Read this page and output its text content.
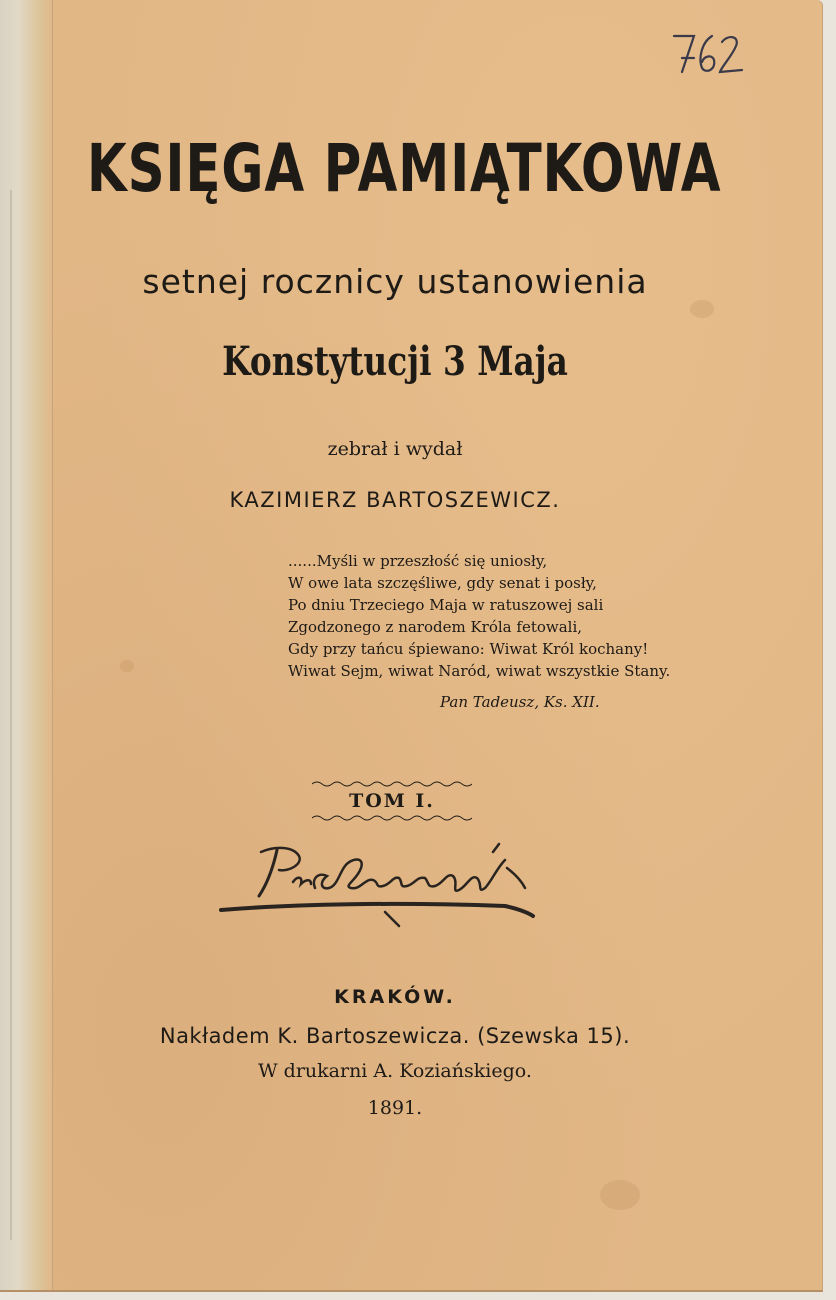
KSIĘGA PAMIĄTKOWA
setnej rocznicy ustanowienia
Konstytucji 3 Maja
zebrał i wydał
KAZIMIERZ BARTOSZEWICZ.
......Myśli w przeszłość się uniosły,
W owe lata szczęśliwe, gdy senat i posły,
Po dniu Trzeciego Maja w ratuszowej sali
Zgodzonego z narodem Króla fetowali,
Gdy przy tańcu śpiewano: Wiwat Król kochany!
Wiwat Sejm, wiwat Naród, wiwat wszystkie Stany.
Pan Tadeusz, Ks. XII.
TOM I.
KRAKÓW.
Nakładem K. Bartoszewicza. (Szewska 15).
W drukarni A. Koziańskiego.
1891.
